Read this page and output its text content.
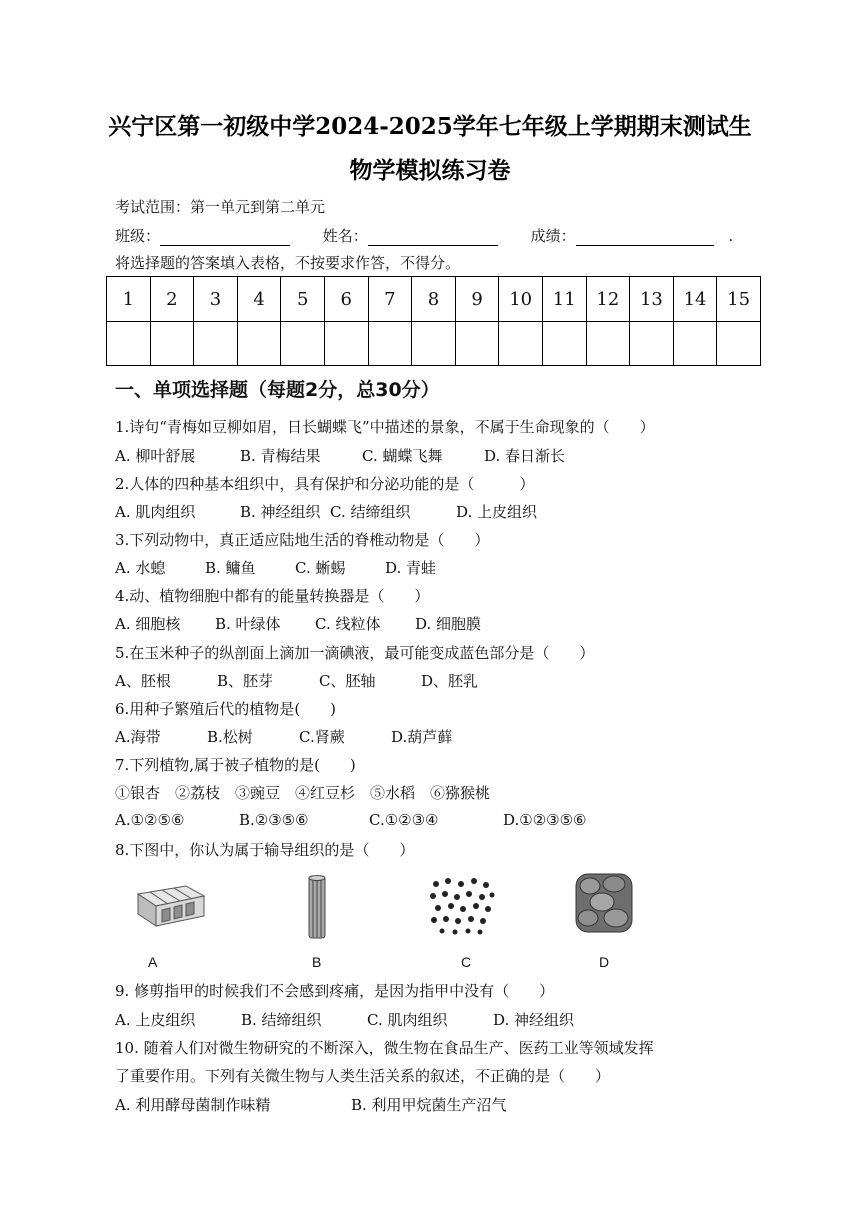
兴宁区第一初级中学2024-2025学年七年级上学期期末测试生
物学模拟练习卷
考试范围：第一单元到第二单元
班级：	姓名：	成绩：	.
将选择题的答案填入表格，不按要求作答，不得分。
1	2	3	4	5	6	7	8	9	10	11	12	13	14	15

一、单项选择题（每题2分，总30分）
1.诗句“青梅如豆柳如眉，日长蝴蝶飞”中描述的景象，不属于生命现象的（　　）
A. 柳叶舒展	B. 青梅结果	C. 蝴蝶飞舞	D. 春日渐长
2.人体的四种基本组织中，具有保护和分泌功能的是（　　　）
A. 肌肉组织	B. 神经组织 C. 结缔组织	D. 上皮组织
3.下列动物中，真正适应陆地生活的脊椎动物是（　　）
A. 水螅	B. 鳙鱼	C. 蜥蜴	D. 青蛙
4.动、植物细胞中都有的能量转换器是（　　）
A. 细胞核 B. 叶绿体 C. 线粒体 D. 细胞膜
5.在玉米种子的纵剖面上滴加一滴碘液，最可能变成蓝色部分是（　　）
A、胚根	B、胚芽	C、胚轴	D、胚乳
6.用种子繁殖后代的植物是(　　)
A.海带	B.松树	C.肾蕨	D.葫芦藓
7.下列植物,属于被子植物的是(　　)
①银杏　②荔枝　③豌豆　④红豆杉　⑤水稻　⑥猕猴桃
A.①②⑤⑥	B.②③⑤⑥	C.①②③④	D.①②③⑤⑥
8.下图中，你认为属于输导组织的是（　　）
A	B	C	D
9. 修剪指甲的时候我们不会感到疼痛，是因为指甲中没有（　　）
A. 上皮组织	B. 结缔组织	C. 肌肉组织	D. 神经组织
10. 随着人们对微生物研究的不断深入，微生物在食品生产、医药工业等领域发挥
了重要作用。下列有关微生物与人类生活关系的叙述，不正确的是（　　）
A. 利用酵母菌制作味精	B. 利用甲烷菌生产沼气
